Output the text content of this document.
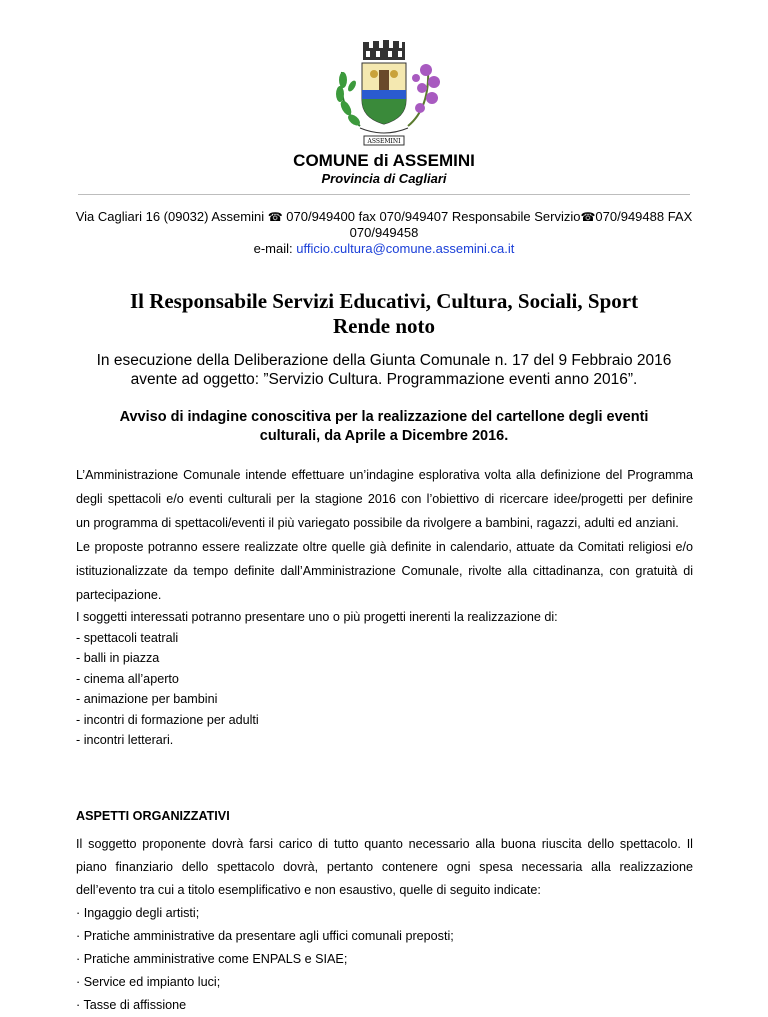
ASSEMINI
COMUNE di ASSEMINI
Provincia di Cagliari
Via Cagliari 16 (09032) Assemini ☎ 070/949400 fax 070/949407 Responsabile Servizio☎070/949488 FAX
070/949458
e-mail: ufficio.cultura@comune.assemini.ca.it
Il Responsabile Servizi Educativi, Cultura, Sociali, Sport
Rende noto
In esecuzione della Deliberazione della Giunta Comunale n. 17 del 9 Febbraio 2016
avente ad oggetto: ”Servizio Cultura. Programmazione eventi anno 2016”.
Avviso di indagine conoscitiva per la realizzazione del cartellone degli eventi
culturali, da Aprile a Dicembre 2016.

L’Amministrazione Comunale intende effettuare un’indagine esplorativa volta alla definizione del Programma

degli spettacoli e/o eventi culturali per la stagione 2016 con l’obiettivo di ricercare idee/progetti per definire

un programma di spettacoli/eventi il più variegato possibile da rivolgere a bambini, ragazzi, adulti ed anziani.

Le proposte potranno essere realizzate oltre quelle già definite in calendario, attuate da Comitati religiosi e/o

istituzionalizzate da tempo definite dall’Amministrazione Comunale, rivolte alla cittadinanza, con gratuità di

partecipazione.

I soggetti interessati potranno presentare uno o più progetti inerenti la realizzazione di:

- spettacoli teatrali

- balli in piazza

- cinema all’aperto

- animazione per bambini

- incontri di formazione per adulti

- incontri letterari.

ASPETTI ORGANIZZATIVI

Il soggetto proponente dovrà farsi carico di tutto quanto necessario alla buona riuscita dello spettacolo. Il

piano finanziario dello spettacolo dovrà, pertanto contenere ogni spesa necessaria alla realizzazione

dell’evento tra cui a titolo esemplificativo e non esaustivo, quelle di seguito indicate:

· Ingaggio degli artisti;

· Pratiche amministrative da presentare agli uffici comunali preposti;

· Pratiche amministrative come ENPALS e SIAE;

· Service ed impianto luci;

· Tasse di affissione
